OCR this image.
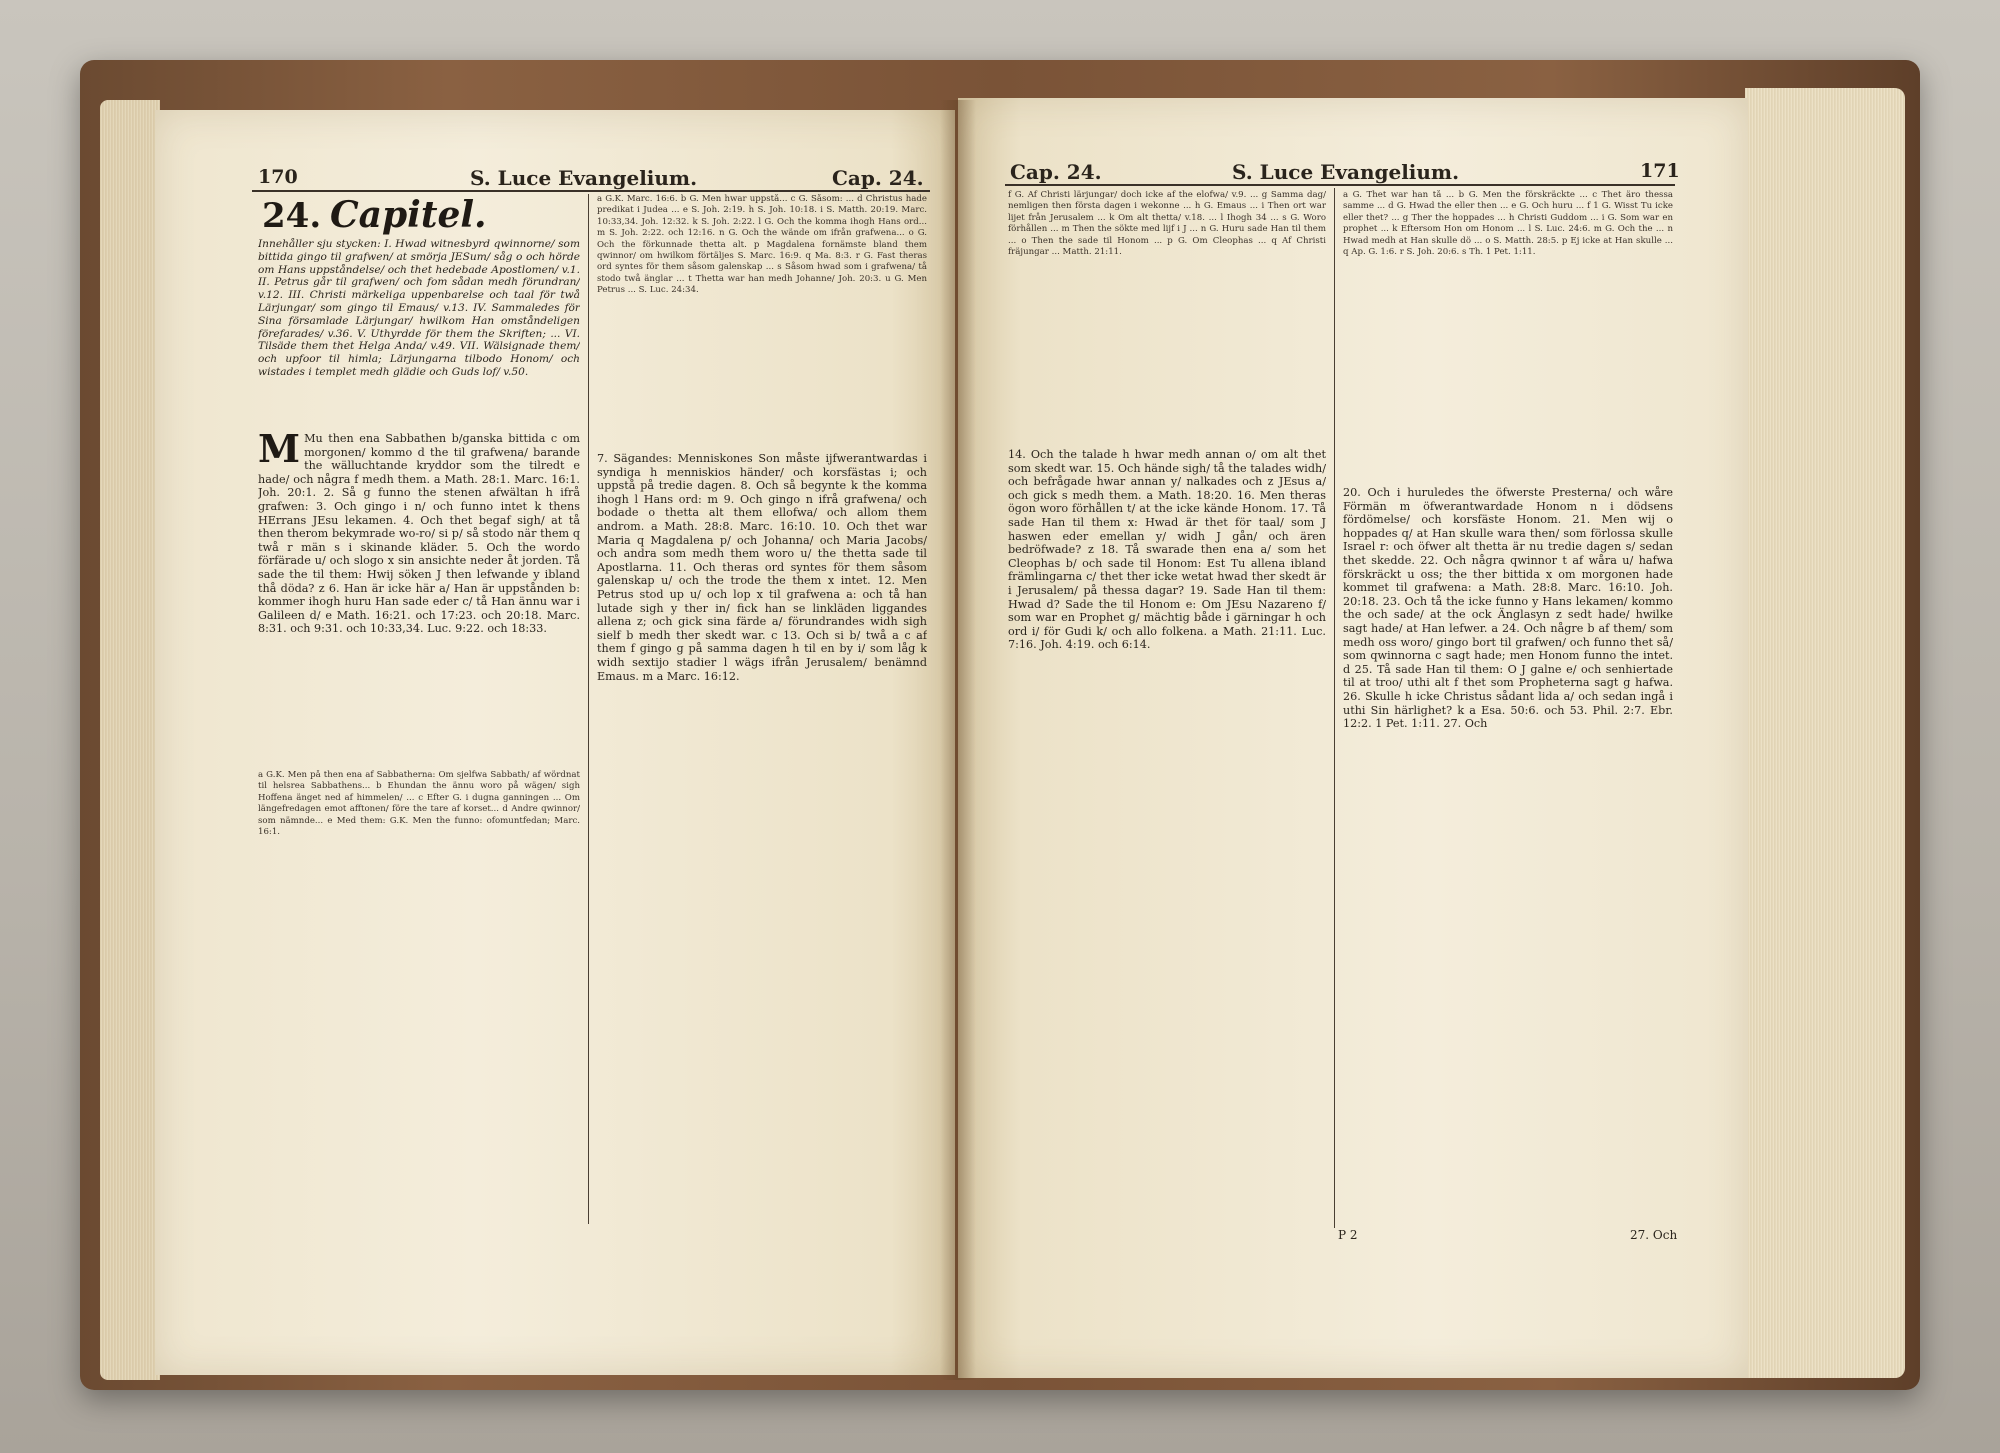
170	S. Luce Evangelium.	Cap. 24.
24. Capitel.
Innehåller sju stycken: I. Hwad witnesbyrd qwinnorne/ som bittida gingo til grafwen/ at smörja JESum/ såg o och hörde om Hans uppståndelse/ och thet hedebade Apostlomen/ v.1. II. Petrus går til grafwen/ och fom sådan medh förundran/ v.12. III. Christi märkeliga uppenbarelse och taal för twå Lärjungar/ som gingo til Emaus/ v.13. IV. Sammaledes för Sina församlade Lärjungar/ hwilkom Han omståndeligen förefarades/ v.36. V. Uthyrdde för them the Skriften; ... VI. Tilsäde them thet Helga Anda/ v.49. VII. Wälsignade them/ och upfoor til himla; Lärjungarna tilbodo Honom/ och wistades i templet medh glädie och Guds lof/ v.50.
M Mu then ena Sabbathen b/ganska bittida c om morgonen/ kommo d the til grafwena/ barande the wälluchtande kryddor som the tilredt e hade/ och några f medh them. a Math. 28:1. Marc. 16:1. Joh. 20:1. 2. Så g funno the stenen afwältan h ifrå grafwen: 3. Och gingo i n/ och funno intet k thens HErrans JEsu lekamen. 4. Och thet begaf sigh/ at tå then therom bekymrade wo-ro/ si p/ så stodo när them q twå r män s i skinande kläder. 5. Och the wordo förfärade u/ och slogo x sin ansichte neder åt jorden. Tå sade the til them: Hwij söken J then lefwande y ibland thå döda? z 6. Han är icke här a/ Han är uppstånden b: kommer ihogh huru Han sade eder c/ tå Han ännu war i Galileen d/ e Math. 16:21. och 17:23. och 20:18. Marc. 8:31. och 9:31. och 10:33,34. Luc. 9:22. och 18:33.
a G.K. Men på then ena af Sabbatherna: Om sjelfwa Sabbath/ af wördnat til helsrea Sabbathens... b Ehundan the ännu woro på wägen/ sigh Hoffena änget ned af himmelen/ ... c Efter G. i dugna ganningen ... Om längefredagen emot afftonen/ före the tare af korset... d Andre qwinnor/ som nämnde... e Med them: G.K. Men the funno: ofomuntfedan; Marc. 16:1.
a G.K. Marc. 16:6. b G. Men hwar uppstå... c G. Såsom: ... d Christus hade predikat i Judea ... e S. Joh. 2:19. h S. Joh. 10:18. i S. Matth. 20:19. Marc. 10:33,34. Joh. 12:32. k S. Joh. 2:22. l G. Och the komma ihogh Hans ord... m S. Joh. 2:22. och 12:16. n G. Och the wände om ifrån grafwena... o G. Och the förkunnade thetta alt. p Magdalena fornämste bland them qwinnor/ om hwilkom förtäljes S. Marc. 16:9. q Ma. 8:3. r G. Fast theras ord syntes för them såsom galenskap ... s Såsom hwad som i grafwena/ tå stodo twå änglar ... t Thetta war han medh Johanne/ Joh. 20:3. u G. Men Petrus ... S. Luc. 24:34.
7. Sägandes: Menniskones Son måste ijfwerantwardas i syndiga h menniskios händer/ och korsfästas i; och uppstå på tredie dagen. 8. Och så begynte k the komma ihogh l Hans ord: m 9. Och gingo n ifrå grafwena/ och bodade o thetta alt them ellofwa/ och allom them androm. a Math. 28:8. Marc. 16:10. 10. Och thet war Maria q Magdalena p/ och Johanna/ och Maria Jacobs/ och andra som medh them woro u/ the thetta sade til Apostlarna. 11. Och theras ord syntes för them såsom galenskap u/ och the trode the them x intet. 12. Men Petrus stod up u/ och lop x til grafwena a: och tå han lutade sigh y ther in/ fick han se linkläden liggandes allena z; och gick sina färde a/ förundrandes widh sigh sielf b medh ther skedt war. c 13. Och si b/ twå a c af them f gingo g på samma dagen h til en by i/ som låg k widh sextijo stadier l wägs ifrån Jerusalem/ benämnd Emaus. m a Marc. 16:12.
Cap. 24.	S. Luce Evangelium.	171
f G. Af Christi lärjungar/ doch icke af the elofwa/ v.9. ... g Samma dag/ nemligen then första dagen i wekonne ... h G. Emaus ... i Then ort war lijet från Jerusalem ... k Om alt thetta/ v.18. ... l Ihogh 34 ... s G. Woro förhållen ... m Then the sökte med lijf i J ... n G. Huru sade Han til them ... o Then the sade til Honom ... p G. Om Cleophas ... q Af Christi fräjungar ... Matth. 21:11.
14. Och the talade h hwar medh annan o/ om alt thet som skedt war. 15. Och hände sigh/ tå the talades widh/ och befrågade hwar annan y/ nalkades och z JEsus a/ och gick s medh them. a Math. 18:20. 16. Men theras ögon woro förhållen t/ at the icke kände Honom. 17. Tå sade Han til them x: Hwad är thet för taal/ som J haswen eder emellan y/ widh J gån/ och ären bedröfwade? z 18. Tå swarade then ena a/ som het Cleophas b/ och sade til Honom: Est Tu allena ibland främlingarna c/ thet ther icke wetat hwad ther skedt är i Jerusalem/ på thessa dagar? 19. Sade Han til them: Hwad d? Sade the til Honom e: Om JEsu Nazareno f/ som war en Prophet g/ mächtig både i gärningar h och ord i/ för Gudi k/ och allo folkena. a Math. 21:11. Luc. 7:16. Joh. 4:19. och 6:14.
a G. Thet war han tå ... b G. Men the förskräckte ... c Thet äro thessa samme ... d G. Hwad the eller then ... e G. Och huru ... f 1 G. Wisst Tu icke eller thet? ... g Ther the hoppades ... h Christi Guddom ... i G. Som war en prophet ... k Eftersom Hon om Honom ... l S. Luc. 24:6. m G. Och the ... n Hwad medh at Han skulle dö ... o S. Matth. 28:5. p Ej icke at Han skulle ... q Ap. G. 1:6. r S. Joh. 20:6. s Th. 1 Pet. 1:11.
20. Och i huruledes the öfwerste Presterna/ och wåre Förmän m öfwerantwardade Honom n i dödsens fördömelse/ och korsfäste Honom. 21. Men wij o hoppades q/ at Han skulle wara then/ som förlossa skulle Israel r: och öfwer alt thetta är nu tredie dagen s/ sedan thet skedde. 22. Och några qwinnor t af wåra u/ hafwa förskräckt u oss; the ther bittida x om morgonen hade kommet til grafwena: a Math. 28:8. Marc. 16:10. Joh. 20:18. 23. Och tå the icke funno y Hans lekamen/ kommo the och sade/ at the ock Änglasyn z sedt hade/ hwilke sagt hade/ at Han lefwer. a 24. Och någre b af them/ som medh oss woro/ gingo bort til grafwen/ och funno thet så/ som qwinnorna c sagt hade; men Honom funno the intet. d 25. Tå sade Han til them: O J galne e/ och senhiertade til at troo/ uthi alt f thet som Propheterna sagt g hafwa. 26. Skulle h icke Christus sådant lida a/ och sedan ingå i uthi Sin härlighet? k a Esa. 50:6. och 53. Phil. 2:7. Ebr. 12:2. 1 Pet. 1:11. 27. Och
P 2	27. Och
